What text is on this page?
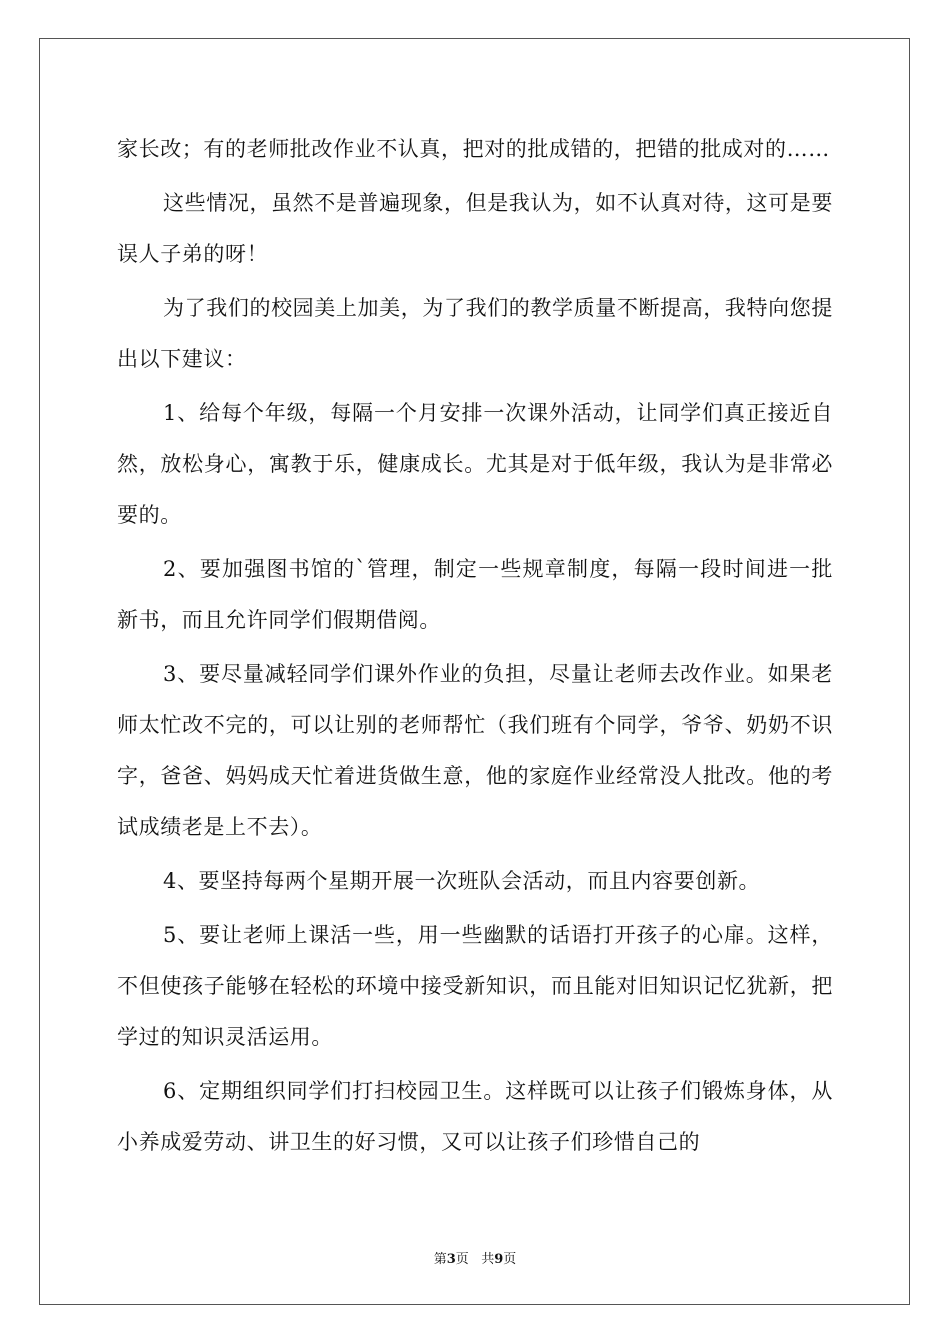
家长改；有的老师批改作业不认真，把对的批成错的，把错的批成对的……

这些情况，虽然不是普遍现象，但是我认为，如不认真对待，这可是要误人子弟的呀！

为了我们的校园美上加美，为了我们的教学质量不断提高，我特向您提出以下建议：

1、给每个年级，每隔一个月安排一次课外活动，让同学们真正接近自然，放松身心，寓教于乐，健康成长。尤其是对于低年级，我认为是非常必要的。

2、要加强图书馆的`管理，制定一些规章制度，每隔一段时间进一批新书，而且允许同学们假期借阅。

3、要尽量减轻同学们课外作业的负担，尽量让老师去改作业。如果老师太忙改不完的，可以让别的老师帮忙（我们班有个同学，爷爷、奶奶不识字，爸爸、妈妈成天忙着进货做生意，他的家庭作业经常没人批改。他的考试成绩老是上不去）。

4、要坚持每两个星期开展一次班队会活动，而且内容要创新。

5、要让老师上课活一些，用一些幽默的话语打开孩子的心扉。这样，不但使孩子能够在轻松的环境中接受新知识，而且能对旧知识记忆犹新，把学过的知识灵活运用。

6、定期组织同学们打扫校园卫生。这样既可以让孩子们锻炼身体，从小养成爱劳动、讲卫生的好习惯，又可以让孩子们珍惜自己的

第3页 共9页
